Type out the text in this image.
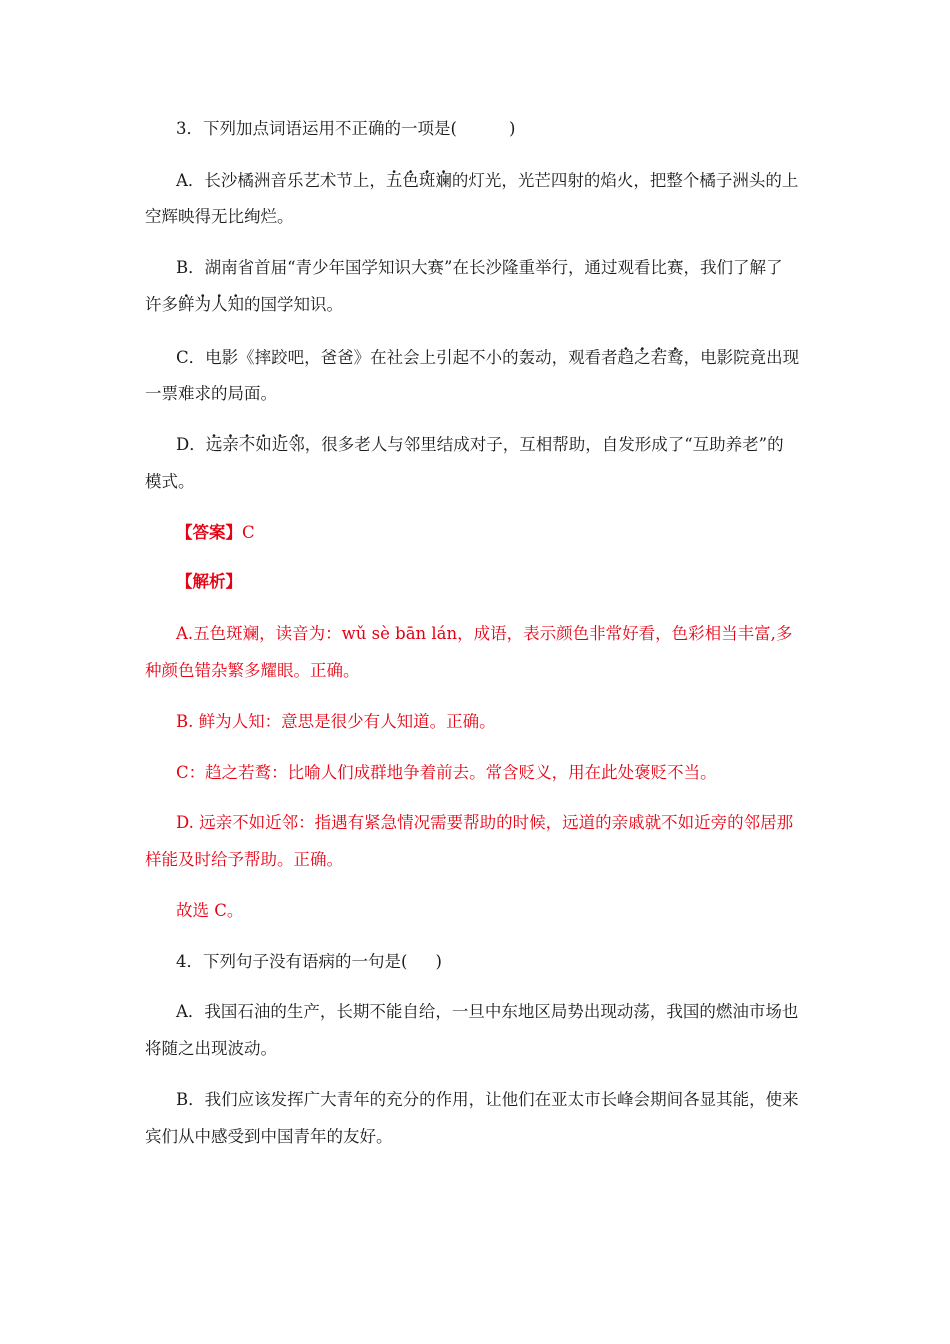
3．下列加点词语运用不正确的一项是(	)

A．长沙橘洲音乐艺术节上，五色斑斓的灯光，光芒四射的焰火，把整个橘子洲头的上

空辉映得无比绚烂。

B．湖南省首届“青少年国学知识大赛”在长沙隆重举行，通过观看比赛，我们了解了

许多鲜为人知的国学知识。

C．电影《摔跤吧，爸爸》在社会上引起不小的轰动，观看者趋之若鹜，电影院竟出现

一票难求的局面。

D．远亲不如近邻，很多老人与邻里结成对子，互相帮助，自发形成了“互助养老”的

模式。

【答案】C

【解析】

A.五色斑斓，读音为：wǔ sè bān lán，成语，表示颜色非常好看，色彩相当丰富,多

种颜色错杂繁多耀眼。正确。

B. 鲜为人知：意思是很少有人知道。正确。

C：趋之若鹜：比喻人们成群地争着前去。常含贬义，用在此处褒贬不当。

D. 远亲不如近邻：指遇有紧急情况需要帮助的时候，远道的亲戚就不如近旁的邻居那

样能及时给予帮助。正确。

故选 C。

4．下列句子没有语病的一句是( )

A．我国石油的生产，长期不能自给，一旦中东地区局势出现动荡，我国的燃油市场也

将随之出现波动。

B．我们应该发挥广大青年的充分的作用，让他们在亚太市长峰会期间各显其能，使来

宾们从中感受到中国青年的友好。
